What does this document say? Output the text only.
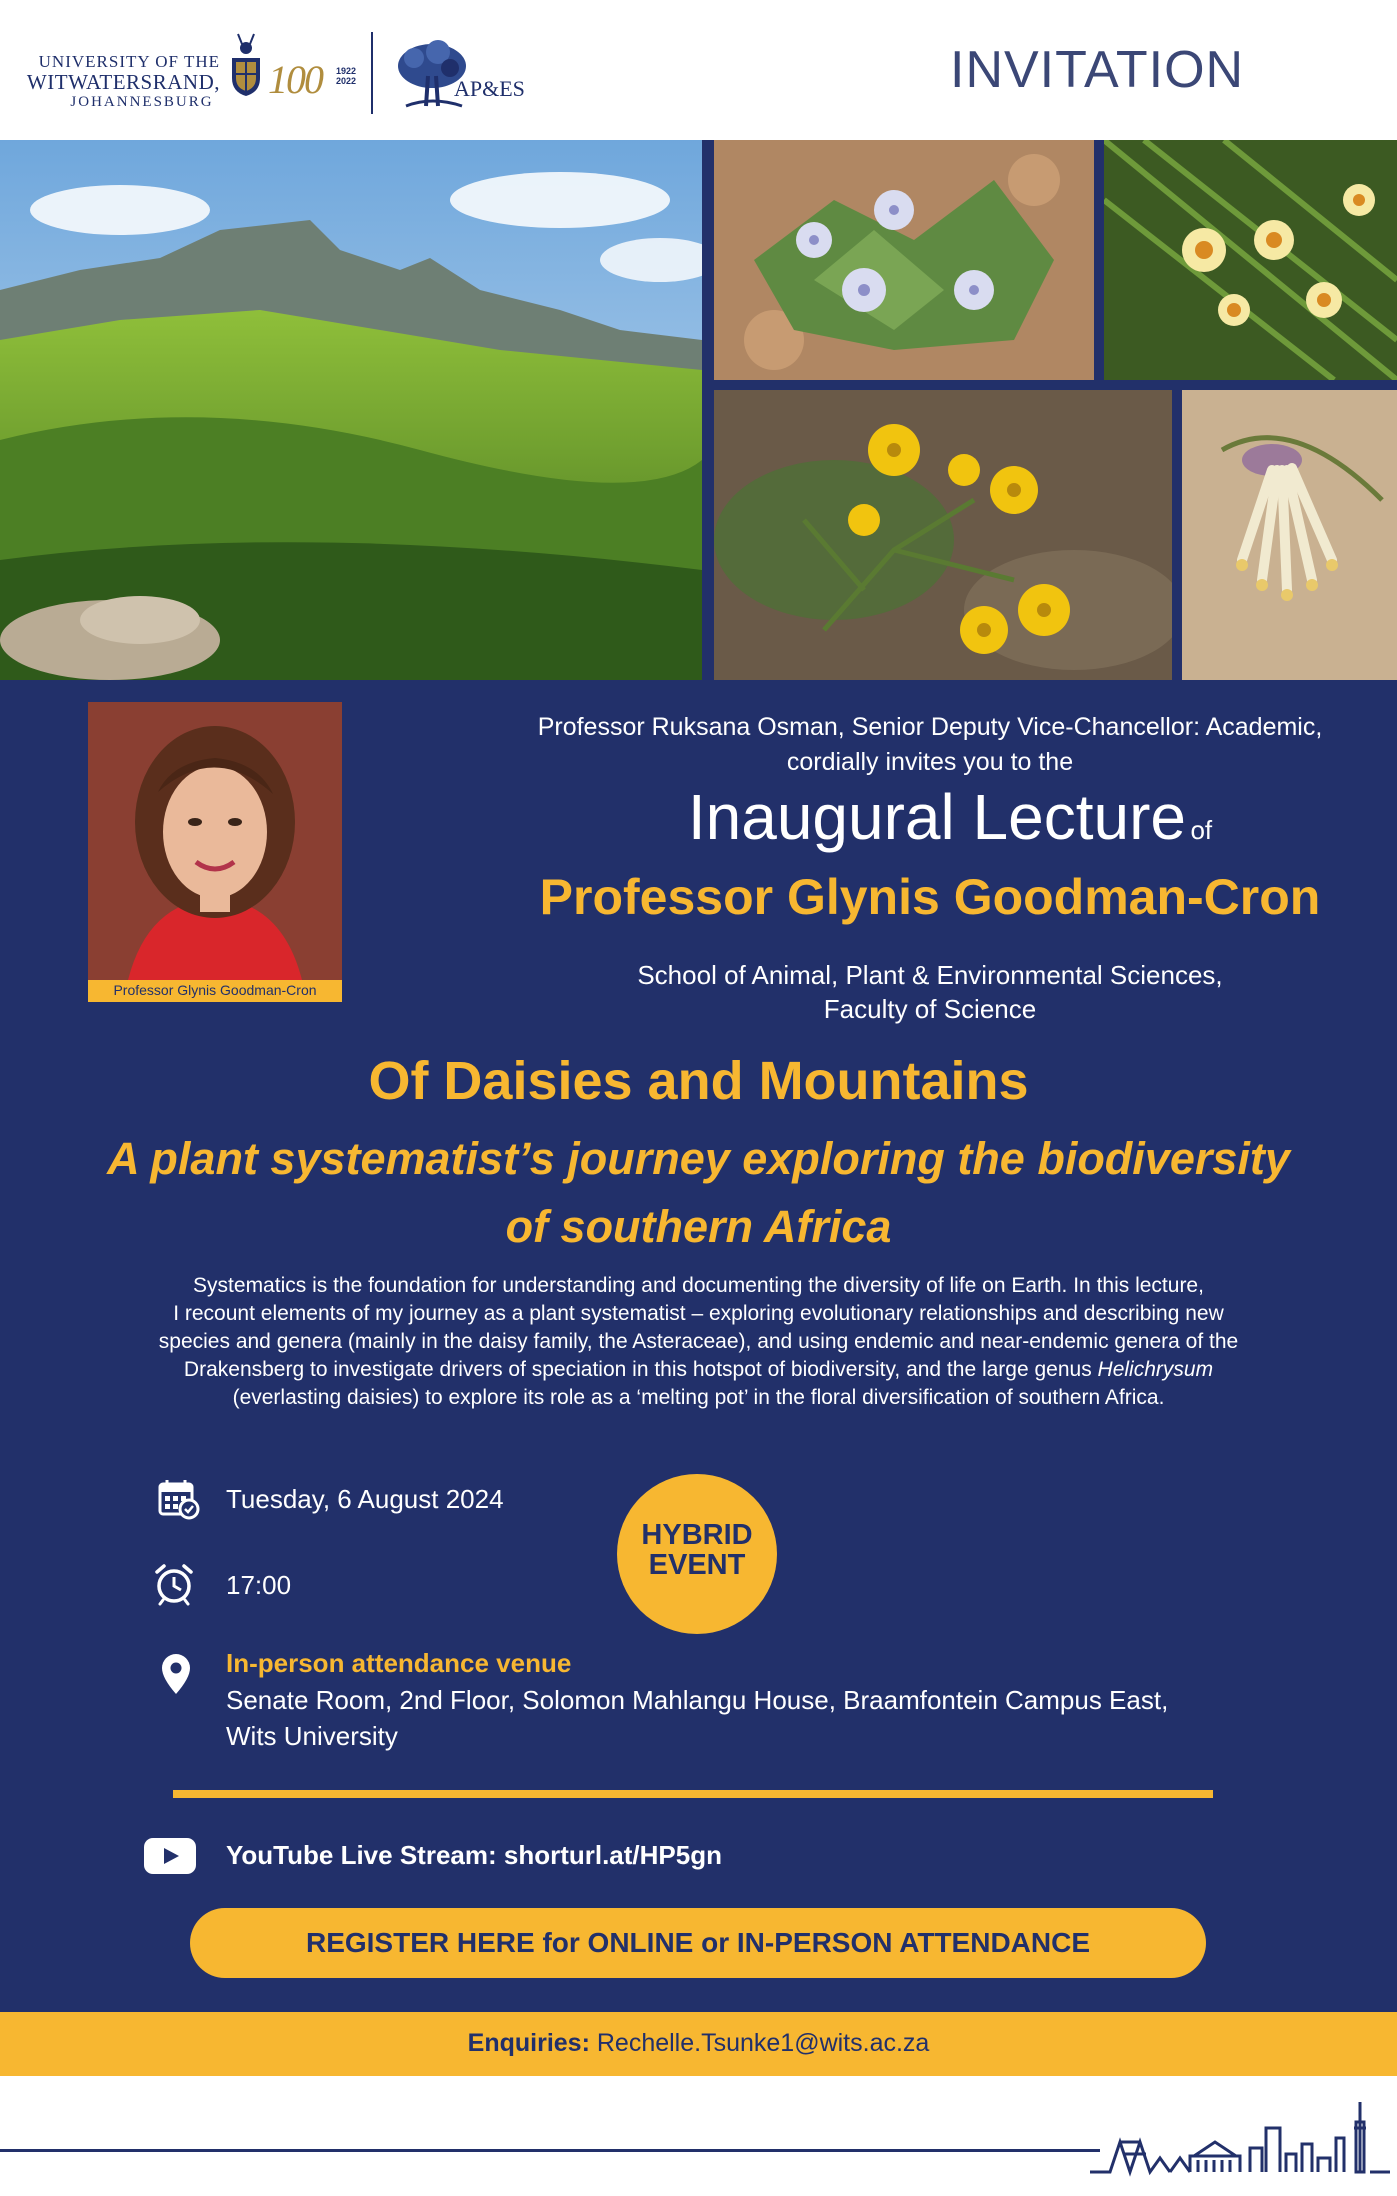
UNIVERSITY OF THE
WITWATERSRAND,
JOHANNESBURG 100 1922
2022	AP&ES	INVITATION
Professor Glynis Goodman-Cron
Professor Ruksana Osman, Senior Deputy Vice-Chancellor: Academic, cordially invites you to the
Inaugural Lecture of
Professor Glynis Goodman-Cron
School of Animal, Plant & Environmental Sciences,
Faculty of Science
Of Daisies and Mountains
A plant systematist’s journey exploring the biodiversity
of southern Africa
Systematics is the foundation for understanding and documenting the diversity of life on Earth. In this lecture,
I recount elements of my journey as a plant systematist – exploring evolutionary relationships and describing new
species and genera (mainly in the daisy family, the Asteraceae), and using endemic and near-endemic genera of the
Drakensberg to investigate drivers of speciation in this hotspot of biodiversity, and the large genus Helichrysum
(everlasting daisies) to explore its role as a ‘melting pot’ in the floral diversification of southern Africa.
Tuesday, 6 August 2024
17:00
In-person attendance venue
Senate Room, 2nd Floor, Solomon Mahlangu House, Braamfontein Campus East,
Wits University
HYBRID
EVENT
YouTube Live Stream: shorturl.at/HP5gn
REGISTER HERE for ONLINE or IN-PERSON ATTENDANCE
Enquiries: Rechelle.Tsunke1@wits.ac.za
